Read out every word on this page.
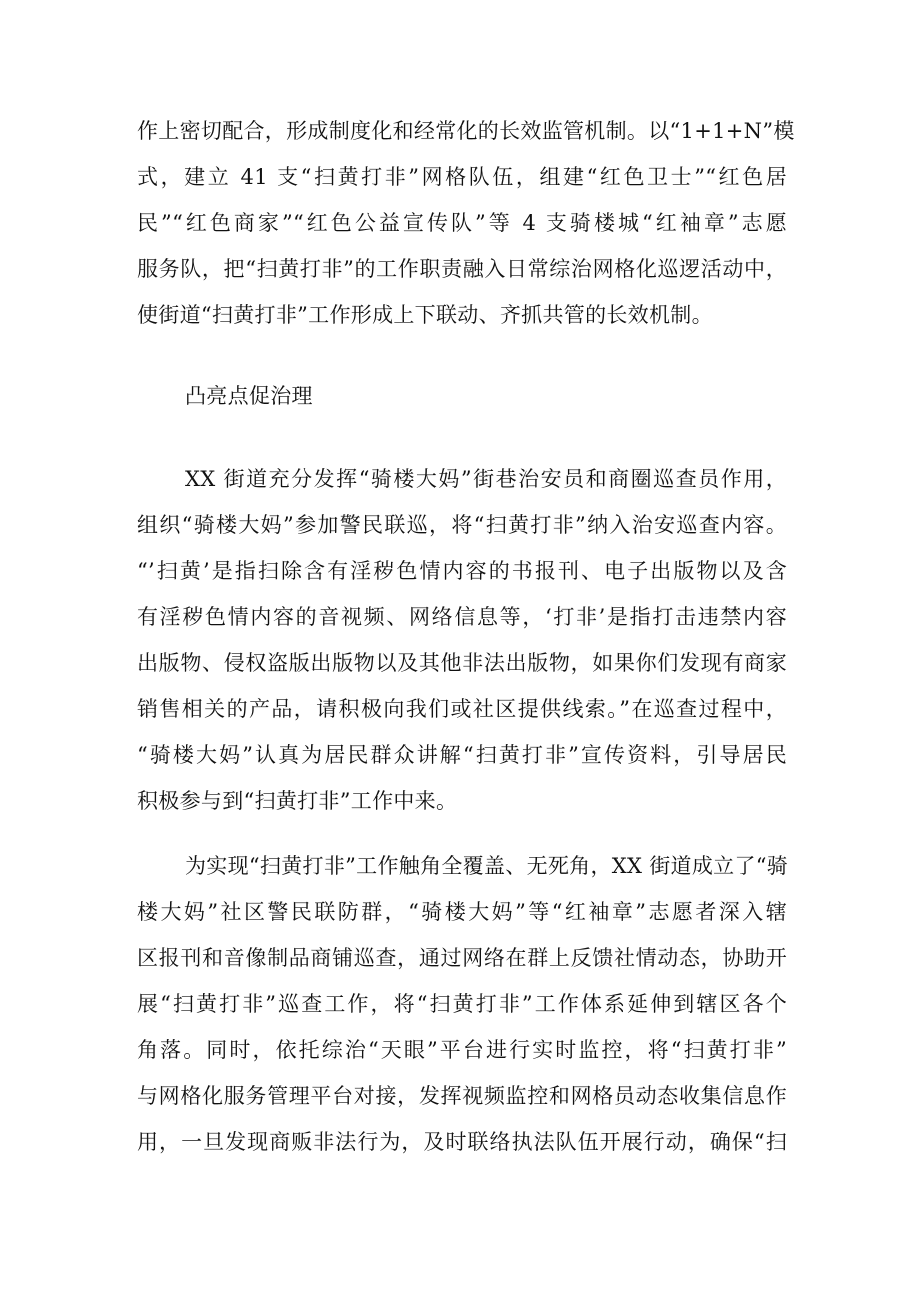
作上密切配合，形成制度化和经常化的长效监管机制。以“1+1+N”模
式，建立 41 支“扫黄打非”网格队伍，组建“红色卫士”“红色居
民”“红色商家”“红色公益宣传队”等 4 支骑楼城“红袖章”志愿
服务队，把“扫黄打非”的工作职责融入日常综治网格化巡逻活动中，
使街道“扫黄打非”工作形成上下联动、齐抓共管的长效机制。
凸亮点促治理
XX 街道充分发挥“骑楼大妈”街巷治安员和商圈巡查员作用，
组织“骑楼大妈”参加警民联巡，将“扫黄打非”纳入治安巡查内容。
“’扫黄’是指扫除含有淫秽色情内容的书报刊、电子出版物以及含
有淫秽色情内容的音视频、网络信息等，‘打非’是指打击违禁内容
出版物、侵权盗版出版物以及其他非法出版物，如果你们发现有商家
销售相关的产品，请积极向我们或社区提供线索。”在巡查过程中，
“骑楼大妈”认真为居民群众讲解“扫黄打非”宣传资料，引导居民
积极参与到“扫黄打非”工作中来。
为实现“扫黄打非”工作触角全覆盖、无死角，XX 街道成立了“骑
楼大妈”社区警民联防群，“骑楼大妈”等“红袖章”志愿者深入辖
区报刊和音像制品商铺巡查，通过网络在群上反馈社情动态，协助开
展“扫黄打非”巡查工作，将“扫黄打非”工作体系延伸到辖区各个
角落。同时，依托综治“天眼”平台进行实时监控，将“扫黄打非”
与网格化服务管理平台对接，发挥视频监控和网格员动态收集信息作
用，一旦发现商贩非法行为，及时联络执法队伍开展行动，确保“扫
